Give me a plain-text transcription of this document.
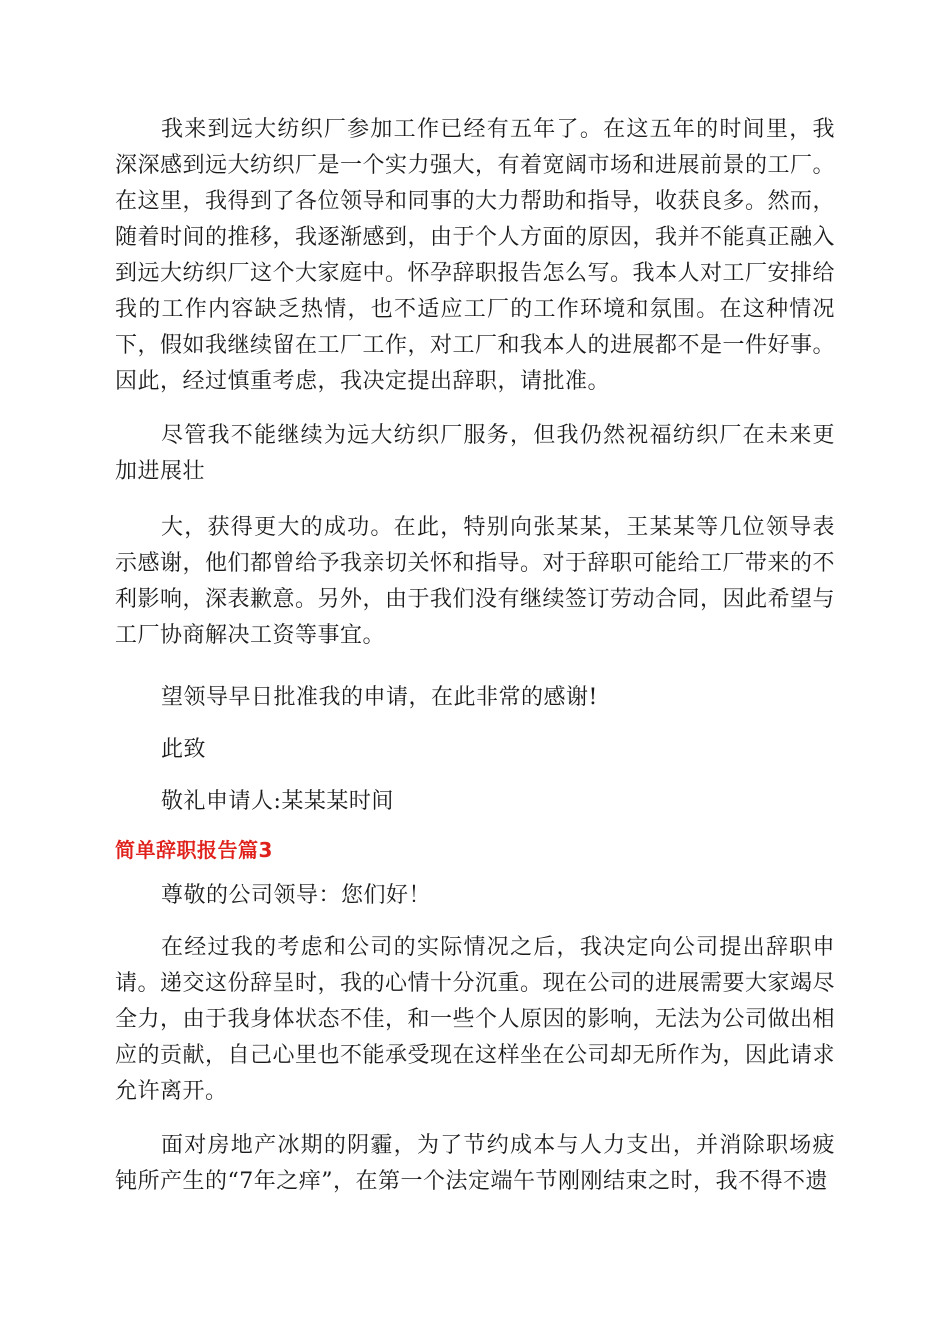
我来到远大纺织厂参加工作已经有五年了。在这五年的时间里，我深深感到远大纺织厂是一个实力强大，有着宽阔市场和进展前景的工厂。在这里，我得到了各位领导和同事的大力帮助和指导，收获良多。然而，随着时间的推移，我逐渐感到，由于个人方面的原因，我并不能真正融入到远大纺织厂这个大家庭中。怀孕辞职报告怎么写。我本人对工厂安排给我的工作内容缺乏热情，也不适应工厂的工作环境和氛围。在这种情况下，假如我继续留在工厂工作，对工厂和我本人的进展都不是一件好事。因此，经过慎重考虑，我决定提出辞职，请批准。

尽管我不能继续为远大纺织厂服务，但我仍然祝福纺织厂在未来更加进展壮

大，获得更大的成功。在此，特别向张某某，王某某等几位领导表示感谢，他们都曾给予我亲切关怀和指导。对于辞职可能给工厂带来的不利影响，深表歉意。另外，由于我们没有继续签订劳动合同，因此希望与工厂协商解决工资等事宜。

望领导早日批准我的申请，在此非常的感谢!

此致

敬礼申请人:某某某时间

简单辞职报告篇3

尊敬的公司领导：您们好！

在经过我的考虑和公司的实际情况之后，我决定向公司提出辞职申请。递交这份辞呈时，我的心情十分沉重。现在公司的进展需要大家竭尽全力，由于我身体状态不佳，和一些个人原因的影响，无法为公司做出相应的贡献，自己心里也不能承受现在这样坐在公司却无所作为，因此请求允许离开。

面对房地产冰期的阴霾，为了节约成本与人力支出，并消除职场疲钝所产生的“7年之痒”，在第一个法定端午节刚刚结束之时，我不得不遗
